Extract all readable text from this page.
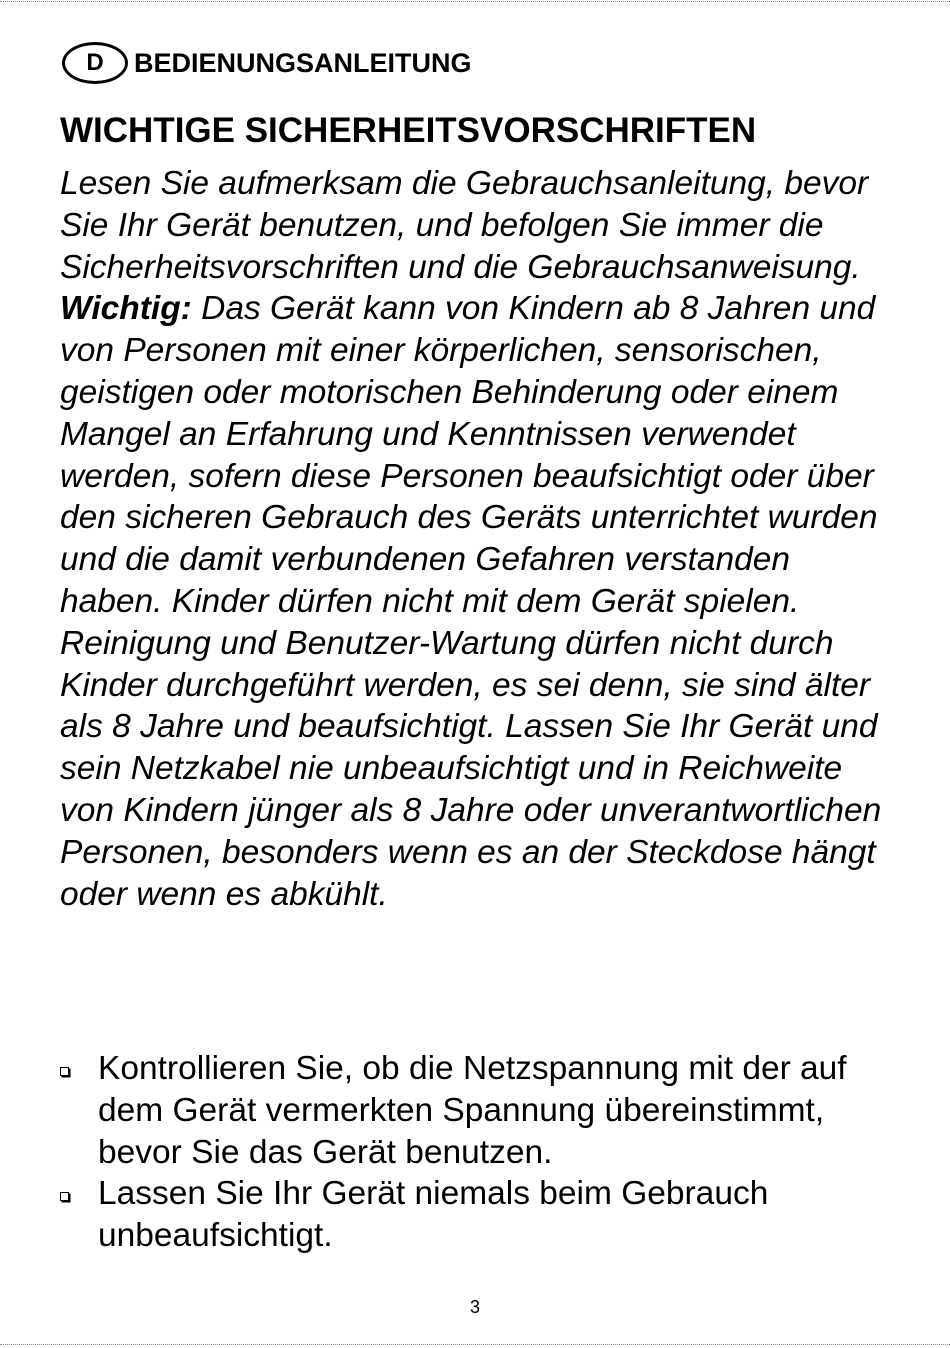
D	BEDIENUNGSANLEITUNG
WICHTIGE SICHERHEITSVORSCHRIFTEN

Lesen Sie aufmerksam die Gebrauchsanleitung, bevor Sie Ihr Gerät benutzen, und befolgen Sie immer die Sicherheitsvorschriften und die Gebrauchsanweisung.

Wichtig: Das Gerät kann von Kindern ab 8 Jahren und von Personen mit einer körperlichen, sensorischen, geistigen oder motorischen Behinderung oder einem Mangel an Erfahrung und Kenntnissen verwendet werden, sofern diese Personen beaufsichtigt oder über den sicheren Gebrauch des Geräts unterrichtet wurden und die damit verbundenen Gefahren verstanden haben. Kinder dürfen nicht mit dem Gerät spielen. Reinigung und Benutzer-Wartung dürfen nicht durch Kinder durchgeführt werden, es sei denn, sie sind älter als 8 Jahre und beaufsichtigt. Lassen Sie Ihr Gerät und sein Netzkabel nie unbeaufsichtigt und in Reichweite von Kindern jünger als 8 Jahre oder unverantwortlichen Personen, besonders wenn es an der Steckdose hängt oder wenn es abkühlt.

Kontrollieren Sie, ob die Netzspannung mit der auf dem Gerät vermerkten Spannung übereinstimmt, bevor Sie das Gerät benutzen.
Lassen Sie Ihr Gerät niemals beim Gebrauch unbeaufsichtigt.
3
